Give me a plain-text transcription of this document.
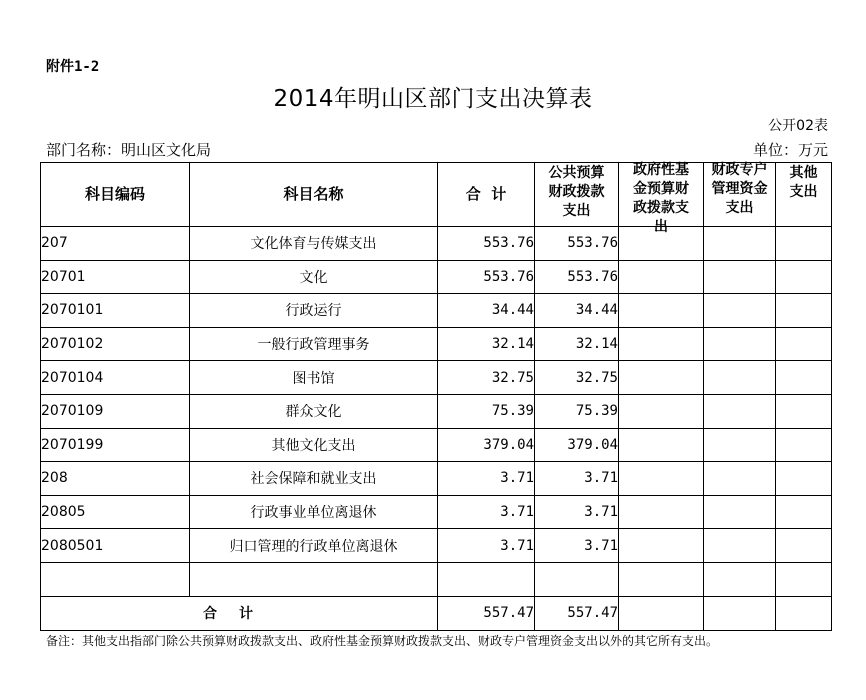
附件1-2
2014年明山区部门支出决算表
公开02表
部门名称：明山区文化局	单位：万元
科目编码	科目名称	合  计	公共预算财政拨款支出	政府性基金预算财政拨款支出	财政专户管理资金支出	其他支出

207	文化体育与传媒支出	553.76	553.76			
20701	文化	553.76	553.76			
2070101	行政运行	34.44	34.44			
2070102	一般行政管理事务	32.14	32.14			
2070104	图书馆	32.75	32.75			
2070109	群众文化	75.39	75.39			
2070199	其他文化支出	379.04	379.04			
208	社会保障和就业支出	3.71	3.71			
20805	行政事业单位离退休	3.71	3.71			
2080501	归口管理的行政单位离退休	3.71	3.71			

合计		557.47	557.47			
备注：其他支出指部门除公共预算财政拨款支出、政府性基金预算财政拨款支出、财政专户管理资金支出以外的其它所有支出。
